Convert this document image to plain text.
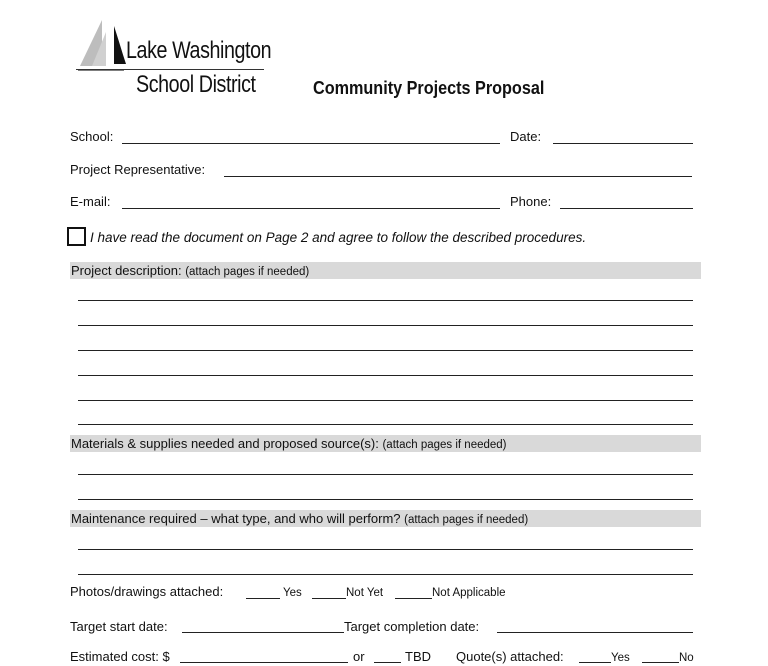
Lake Washington
School District	Community Projects Proposal
School:	Date:
Project Representative:
E-mail:	Phone:
I have read the document on Page 2 and agree to follow the described procedures.
Project description: (attach pages if needed)
Materials & supplies needed and proposed source(s): (attach pages if needed)
Maintenance required – what type, and who will perform? (attach pages if needed)
Photos/drawings attached:	Yes	Not Yet	Not Applicable
Target start date:	Target completion date:
Estimated cost: $	or	TBD Quote(s) attached:	Yes	No
